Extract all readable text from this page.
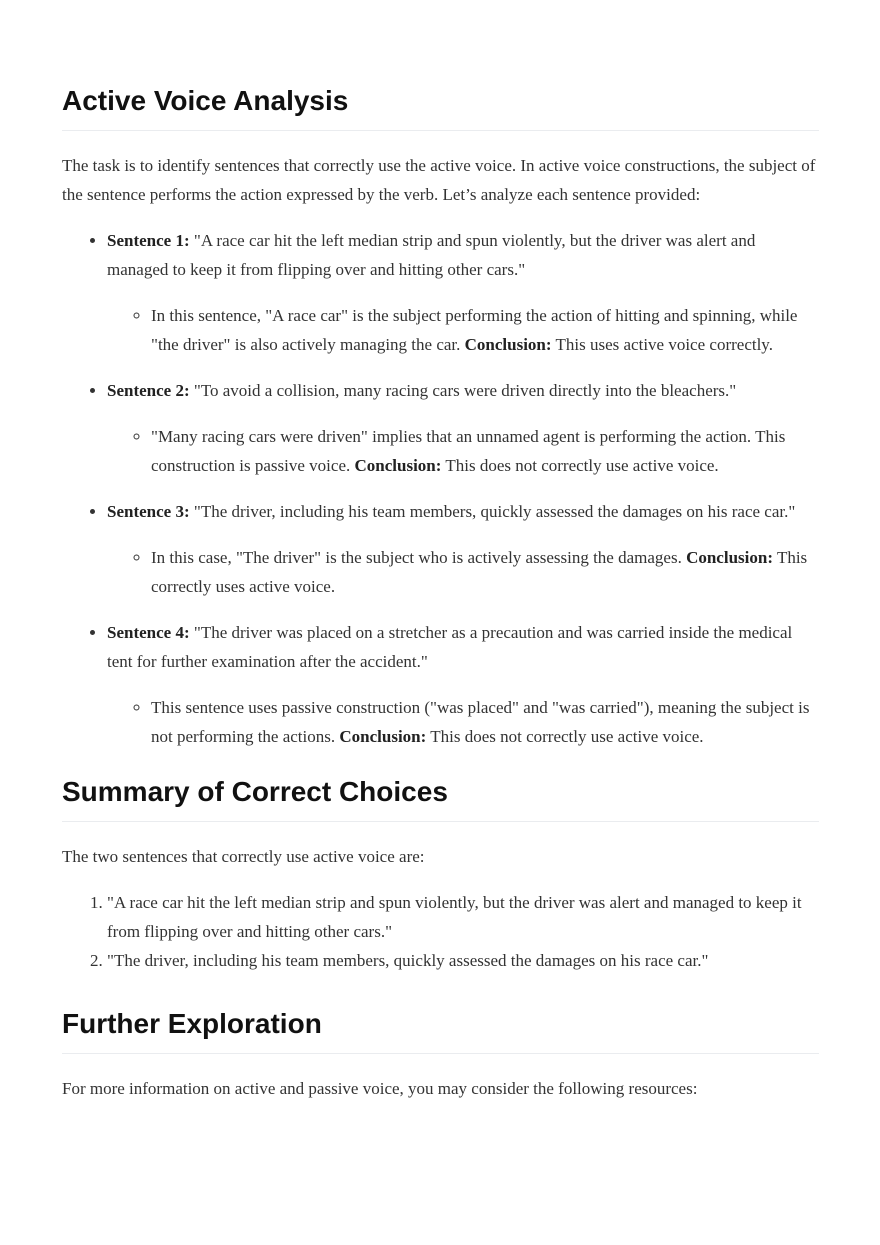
Active Voice Analysis

The task is to identify sentences that correctly use the active voice. In active voice constructions, the subject of the sentence performs the action expressed by the verb. Let’s analyze each sentence provided:

• Sentence 1: "A race car hit the left median strip and spun violently, but the driver was alert and managed to keep it from flipping over and hitting other cars."
◦ In this sentence, "A race car" is the subject performing the action of hitting and spinning, while "the driver" is also actively managing the car. Conclusion: This uses active voice correctly.
• Sentence 2: "To avoid a collision, many racing cars were driven directly into the bleachers."
◦ "Many racing cars were driven" implies that an unnamed agent is performing the action. This construction is passive voice. Conclusion: This does not correctly use active voice.
• Sentence 3: "The driver, including his team members, quickly assessed the damages on his race car."
◦ In this case, "The driver" is the subject who is actively assessing the damages. Conclusion: This correctly uses active voice.
• Sentence 4: "The driver was placed on a stretcher as a precaution and was carried inside the medical tent for further examination after the accident."
◦ This sentence uses passive construction ("was placed" and "was carried"), meaning the subject is not performing the actions. Conclusion: This does not correctly use active voice.
Summary of Correct Choices

The two sentences that correctly use active voice are:

1. "A race car hit the left median strip and spun violently, but the driver was alert and managed to keep it from flipping over and hitting other cars."
2. "The driver, including his team members, quickly assessed the damages on his race car."
Further Exploration

For more information on active and passive voice, you may consider the following resources:
